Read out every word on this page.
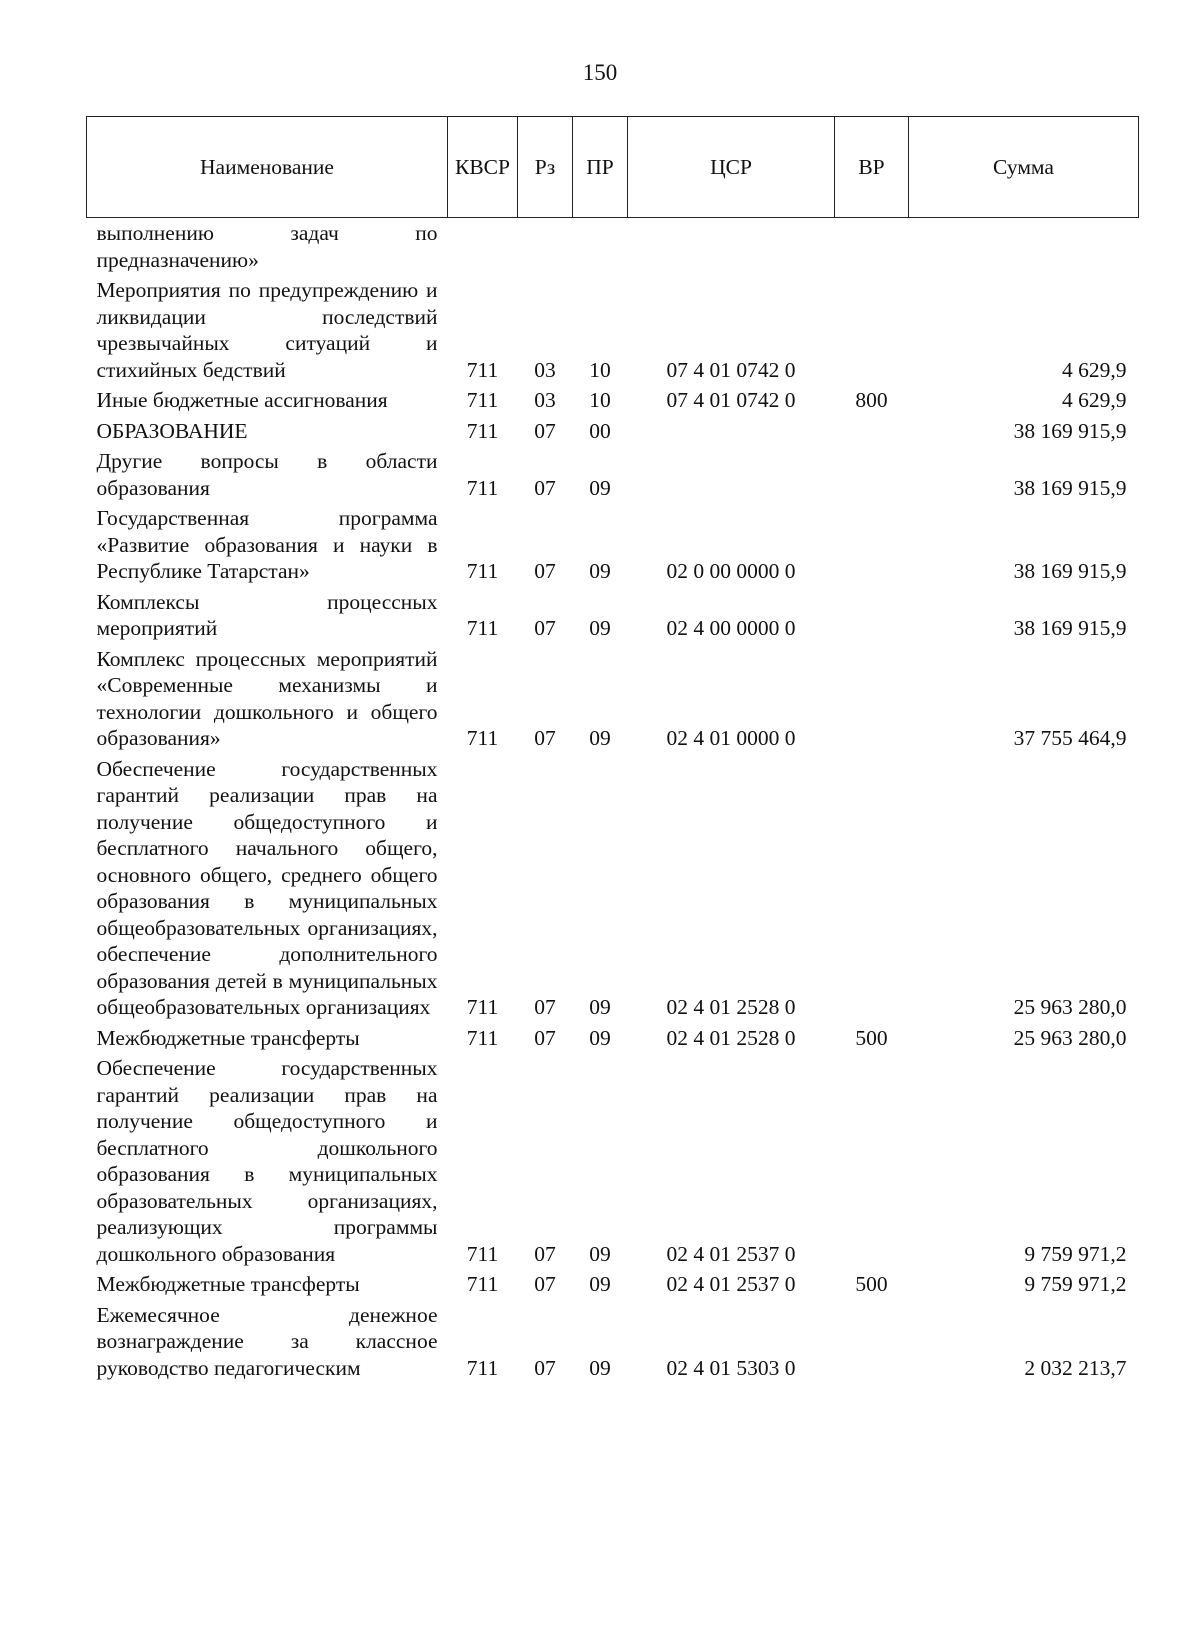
150
Наименование	КВСР	Рз	ПР	ЦСР	ВР	Сумма
выполнению задач по предназначению»						
Мероприятия по предупреждению и ликвидации последствий чрезвычайных ситуаций и стихийных бедствий	711	03	10	07 4 01 0742 0		4 629,9
Иные бюджетные ассигнования	711	03	10	07 4 01 0742 0	800	4 629,9
ОБРАЗОВАНИЕ	711	07	00			38 169 915,9
Другие вопросы в области образования	711	07	09			38 169 915,9
Государственная программа «Развитие образования и науки в Республике Татарстан»	711	07	09	02 0 00 0000 0		38 169 915,9
Комплексы процессных мероприятий	711	07	09	02 4 00 0000 0		38 169 915,9
Комплекс процессных мероприятий «Современные механизмы и технологии дошкольного и общего образования»	711	07	09	02 4 01 0000 0		37 755 464,9
Обеспечение государственных гарантий реализации прав на получение общедоступного и бесплатного начального общего, основного общего, среднего общего образования в муниципальных общеобразовательных организациях, обеспечение дополнительного образования детей в муниципальных общеобразовательных организациях	711	07	09	02 4 01 2528 0		25 963 280,0
Межбюджетные трансферты	711	07	09	02 4 01 2528 0	500	25 963 280,0
Обеспечение государственных гарантий реализации прав на получение общедоступного и бесплатного дошкольного образования в муниципальных образовательных организациях, реализующих программы дошкольного образования	711	07	09	02 4 01 2537 0		9 759 971,2
Межбюджетные трансферты	711	07	09	02 4 01 2537 0	500	9 759 971,2
Ежемесячное денежное вознаграждение за классное руководство педагогическим	711	07	09	02 4 01 5303 0		2 032 213,7
